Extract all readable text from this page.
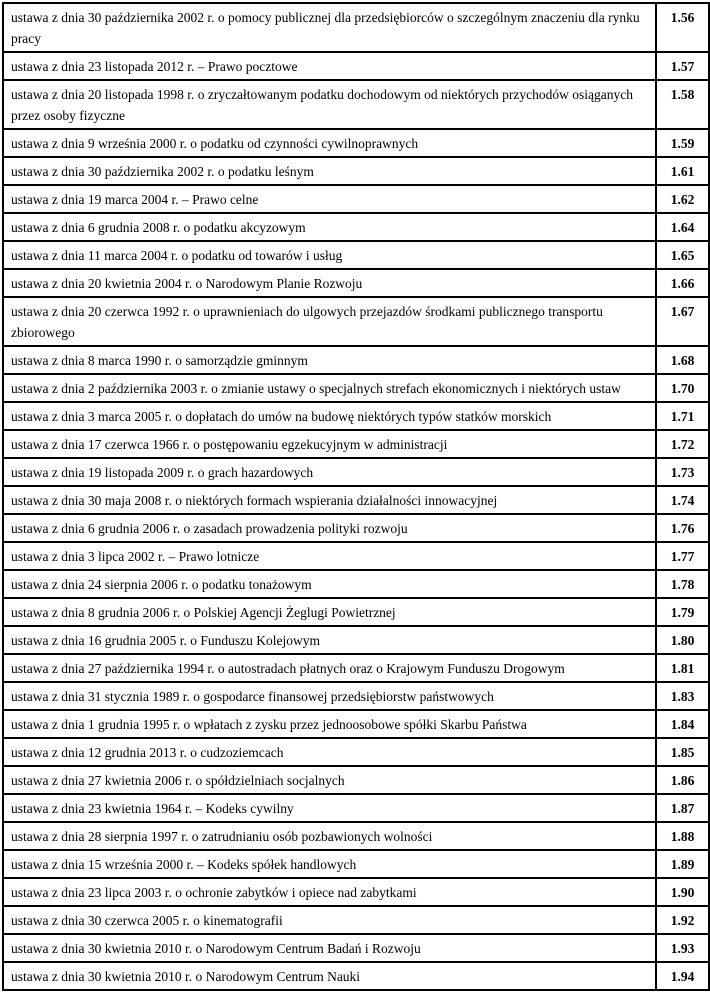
ustawa z dnia 30 października 2002 r. o pomocy publicznej dla przedsiębiorców o szczególnym znaczeniu dla rynku pracy	1.56
ustawa z dnia 23 listopada 2012 r. – Prawo pocztowe	1.57
ustawa z dnia 20 listopada 1998 r. o zryczałtowanym podatku dochodowym od niektórych przychodów osiąganych przez osoby fizyczne	1.58
ustawa z dnia 9 września 2000 r. o podatku od czynności cywilnoprawnych	1.59
ustawa z dnia 30 października 2002 r. o podatku leśnym	1.61
ustawa z dnia 19 marca 2004 r. – Prawo celne	1.62
ustawa z dnia 6 grudnia 2008 r. o podatku akcyzowym	1.64
ustawa z dnia 11 marca 2004 r. o podatku od towarów i usług	1.65
ustawa z dnia 20 kwietnia 2004 r. o Narodowym Planie Rozwoju	1.66
ustawa z dnia 20 czerwca 1992 r. o uprawnieniach do ulgowych przejazdów środkami publicznego transportu zbiorowego	1.67
ustawa z dnia 8 marca 1990 r. o samorządzie gminnym	1.68
ustawa z dnia 2 października 2003 r. o zmianie ustawy o specjalnych strefach ekonomicznych i niektórych ustaw	1.70
ustawa z dnia 3 marca 2005 r. o dopłatach do umów na budowę niektórych typów statków morskich	1.71
ustawa z dnia 17 czerwca 1966 r. o postępowaniu egzekucyjnym w administracji	1.72
ustawa z dnia 19 listopada 2009 r. o grach hazardowych	1.73
ustawa z dnia 30 maja 2008 r. o niektórych formach wspierania działalności innowacyjnej	1.74
ustawa z dnia 6 grudnia 2006 r. o zasadach prowadzenia polityki rozwoju	1.76
ustawa z dnia 3 lipca 2002 r. – Prawo lotnicze	1.77
ustawa z dnia 24 sierpnia 2006 r. o podatku tonażowym	1.78
ustawa z dnia 8 grudnia 2006 r. o Polskiej Agencji Żeglugi Powietrznej	1.79
ustawa z dnia 16 grudnia 2005 r. o Funduszu Kolejowym	1.80
ustawa z dnia 27 października 1994 r. o autostradach płatnych oraz o Krajowym Funduszu Drogowym	1.81
ustawa z dnia 31 stycznia 1989 r. o gospodarce finansowej przedsiębiorstw państwowych	1.83
ustawa z dnia 1 grudnia 1995 r. o wpłatach z zysku przez jednoosobowe spółki Skarbu Państwa	1.84
ustawa z dnia 12 grudnia 2013 r. o cudzoziemcach	1.85
ustawa z dnia 27 kwietnia 2006 r. o spółdzielniach socjalnych	1.86
ustawa z dnia 23 kwietnia 1964 r. – Kodeks cywilny	1.87
ustawa z dnia 28 sierpnia 1997 r. o zatrudnianiu osób pozbawionych wolności	1.88
ustawa z dnia 15 września 2000 r. – Kodeks spółek handlowych	1.89
ustawa z dnia 23 lipca 2003 r. o ochronie zabytków i opiece nad zabytkami	1.90
ustawa z dnia 30 czerwca 2005 r. o kinematografii	1.92
ustawa z dnia 30 kwietnia 2010 r. o Narodowym Centrum Badań i Rozwoju	1.93
ustawa z dnia 30 kwietnia 2010 r. o Narodowym Centrum Nauki	1.94
